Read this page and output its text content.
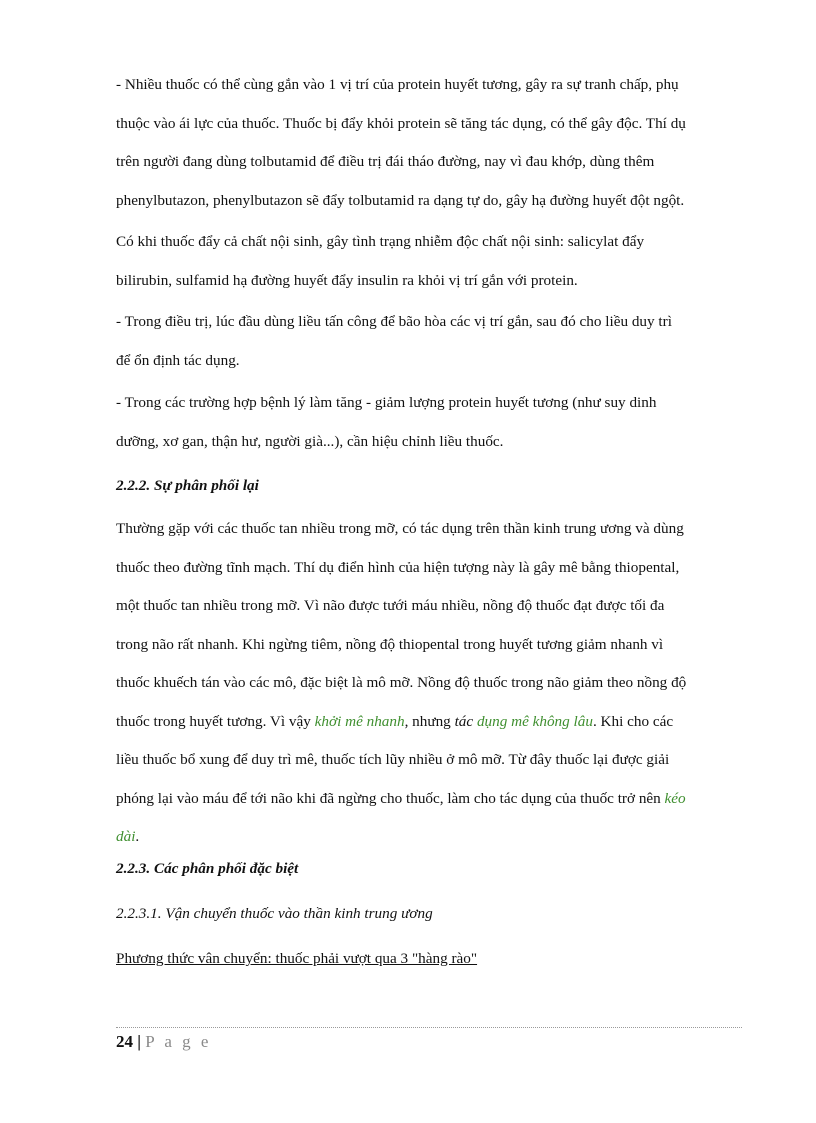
- Nhiều thuốc có thể cùng gắn vào 1 vị trí của protein huyết tương, gây ra sự tranh chấp, phụ
thuộc vào ái lực của thuốc. Thuốc bị đẩy khỏi protein sẽ tăng tác dụng, có thể gây độc. Thí dụ
trên người đang dùng tolbutamid để điều trị đái tháo đường, nay vì đau khớp, dùng thêm
phenylbutazon, phenylbutazon sẽ đẩy tolbutamid ra dạng tự do, gây hạ đường huyết đột ngột.
Có khi thuốc đẩy cả chất nội sinh, gây tình trạng nhiễm độc chất nội sinh: salicylat đẩy
bilirubin, sulfamid hạ đường huyết đẩy insulin ra khỏi vị trí gắn với protein.
- Trong điều trị, lúc đầu dùng liều tấn công để bão hòa các vị trí gắn, sau đó cho liều duy trì
để ổn định tác dụng.
- Trong các trường hợp bệnh lý làm tăng - giảm lượng protein huyết tương (như suy dinh
dưỡng, xơ gan, thận hư, người già...), cần hiệu chỉnh liều thuốc.
2.2.2. Sự phân phối lại
Thường gặp với các thuốc tan nhiều trong mỡ, có tác dụng trên thần kinh trung ương và dùng
thuốc theo đường tĩnh mạch. Thí dụ điển hình của hiện tượng này là gây mê bằng thiopental,
một thuốc tan nhiều trong mỡ. Vì não được tưới máu nhiều, nồng độ thuốc đạt được tối đa
trong não rất nhanh. Khi ngừng tiêm, nồng độ thiopental trong huyết tương giảm nhanh vì
thuốc khuếch tán vào các mô, đặc biệt là mô mỡ. Nồng độ thuốc trong não giảm theo nồng độ
thuốc trong huyết tương. Vì vậy khởi mê nhanh, nhưng tác dụng mê không lâu. Khi cho các
liều thuốc bổ xung để duy trì mê, thuốc tích lũy nhiều ở mô mỡ. Từ đây thuốc lại được giải
phóng lại vào máu để tới não khi đã ngừng cho thuốc, làm cho tác dụng của thuốc trở nên kéo
dài.
2.2.3. Các phân phối đặc biệt
2.2.3.1. Vận chuyển thuốc vào thần kinh trung ương
Phương thức vân chuyển: thuốc phải vượt qua 3 "hàng rào"
24 | P a g e
